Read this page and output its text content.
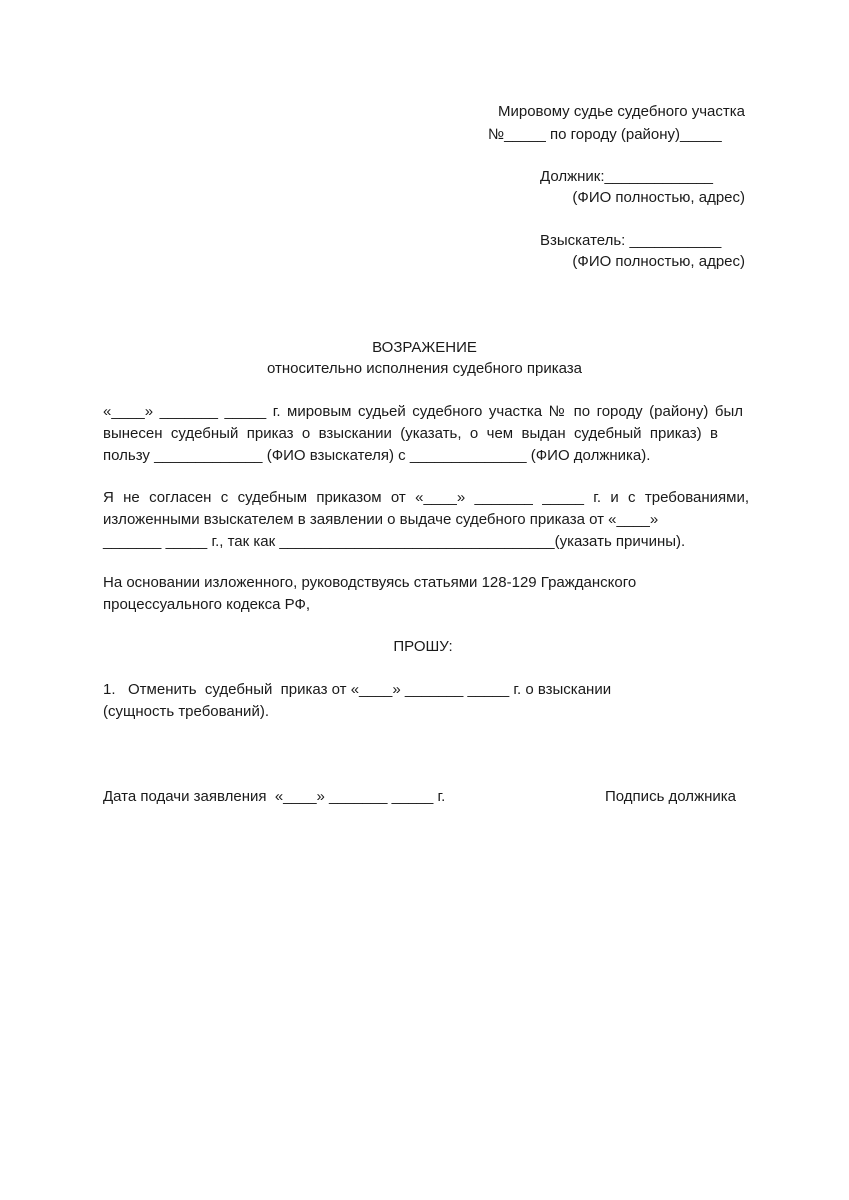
Мировому судье судебного участка
№_____ по городу (району)_____
Должник:_____________
(ФИО полностью, адрес)
Взыскатель: ___________
(ФИО полностью, адрес)
ВОЗРАЖЕНИЕ
относительно исполнения судебного приказа
«____» _______ _____ г. мировым судьей судебного участка № по городу (району) был
вынесен судебный приказ о взыскании (указать, о чем выдан судебный приказ) в
пользу _____________ (ФИО взыскателя) с ______________ (ФИО должника).
Я не согласен с судебным приказом от «____» _______ _____ г. и с требованиями,
изложенными взыскателем в заявлении о выдаче судебного приказа от «____»
_______ _____ г., так как _________________________________(указать причины).
На основании изложенного, руководствуясь статьями 128-129 Гражданского
процессуального кодекса РФ,
ПРОШУ:
1.   Отменить  судебный  приказ от «____» _______ _____ г. о взыскании
(сущность требований).
Дата подачи заявления  «____» _______ _____ г.	Подпись должника
